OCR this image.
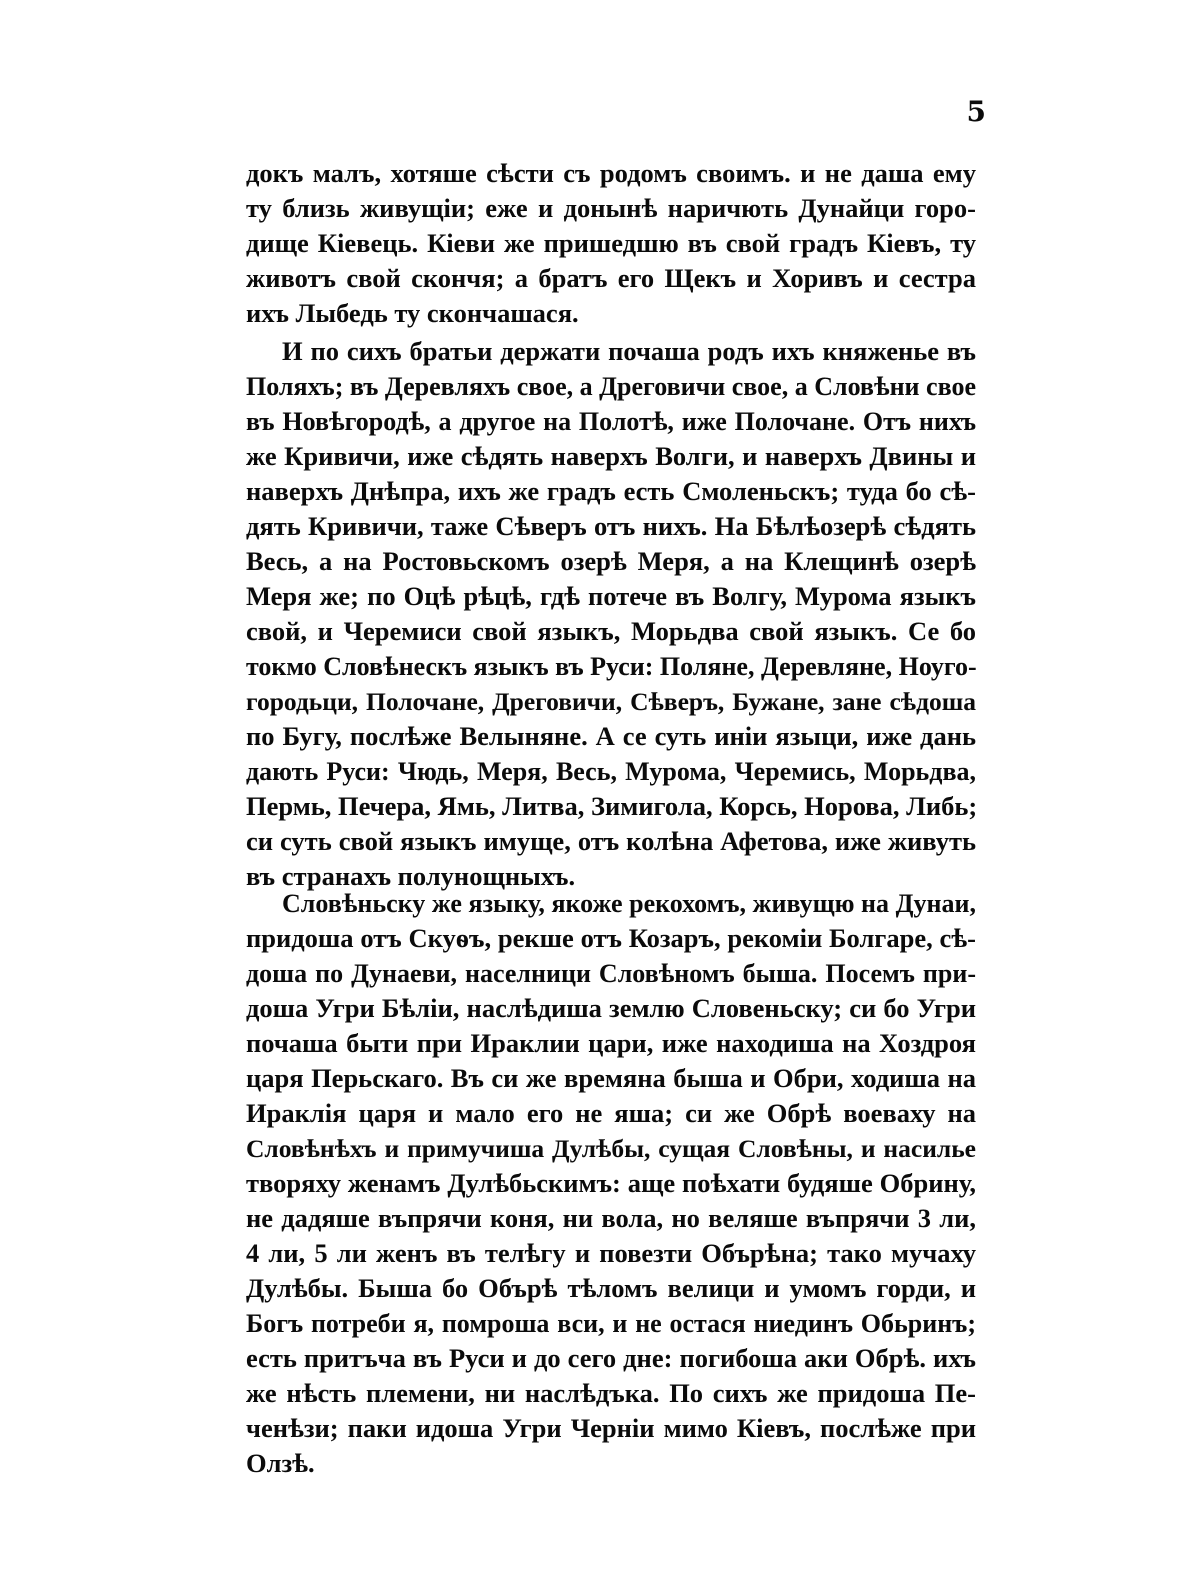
5

докъ малъ, хотяше сѣсти съ родомъ своимъ. и не даша ему
ту близь живущіи; еже и донынѣ наричють Дунайци горо-
дище Кіевець. Кіеви же пришедшю въ свой градъ Кіевъ, ту
животъ свой скончя; а братъ его Щекъ и Хоривъ и сестра
ихъ Лыбедь ту скончашася.
И по сихъ братьи держати почаша родъ ихъ княженье въ
Поляхъ; въ Деревляхъ свое, а Дреговичи свое, а Словѣни свое
въ Новѣгородѣ, а другое на Полотѣ, иже Полочане. Отъ нихъ
же Кривичи, иже сѣдять наверхъ Волги, и наверхъ Двины и
наверхъ Днѣпра, ихъ же градъ есть Смоленьскъ; туда бо сѣ-
дять Кривичи, таже Сѣверъ отъ нихъ. На Бѣлѣозерѣ сѣдять
Весь, а на Ростовьскомъ озерѣ Меря, а на Клещинѣ озерѣ
Меря же; по Оцѣ рѣцѣ, гдѣ потече въ Волгу, Мурома языкъ
свой, и Черемиси свой языкъ, Морьдва свой языкъ. Се бо
токмо Словѣнескъ языкъ въ Руси: Поляне, Деревляне, Ноуго-
городьци, Полочане, Дреговичи, Сѣверъ, Бужане, зане сѣдоша
по Бугу, послѣже Велыняне. А се суть иніи языци, иже дань
дають Руси: Чюдь, Меря, Весь, Мурома, Черемись, Морьдва,
Пермь, Печера, Ямь, Литва, Зимигола, Корсь, Норова, Либь;
си суть свой языкъ имуще, отъ колѣна Афетова, иже живуть
въ странахъ полунощныхъ.
Словѣньску же языку, якоже рекохомъ, живущю на Дунаи,
придоша отъ Скуѳъ, рекше отъ Козаръ, рекоміи Болгаре, сѣ-
доша по Дунаеви, населници Словѣномъ быша. Посемъ при-
доша Угри Бѣліи, наслѣдиша землю Словеньску; си бо Угри
почаша быти при Ираклии цари, иже находиша на Хоздроя
царя Перьскаго. Въ си же времяна быша и Обри, ходиша на
Ираклія царя и мало его не яша; си же Обрѣ воеваху на
Словѣнѣхъ и примучиша Дулѣбы, сущая Словѣны, и насилье
творяху женамъ Дулѣбьскимъ: аще поѣхати будяше Обрину,
не дадяше въпрячи коня, ни вола, но веляше въпрячи 3 ли,
4 ли, 5 ли женъ въ телѣгу и повезти Обърѣна; тако мучаху
Дулѣбы. Быша бо Обърѣ тѣломъ велици и умомъ горди, и
Богъ потреби я, помроша вси, и не остася ниединъ Обьринъ;
есть притъча въ Руси и до сего дне: погибоша аки Обрѣ. ихъ
же нѣсть племени, ни наслѣдъка. По сихъ же придоша Пе-
ченѣзи; паки идоша Угри Черніи мимо Кіевъ, послѣже при
Олзѣ.
